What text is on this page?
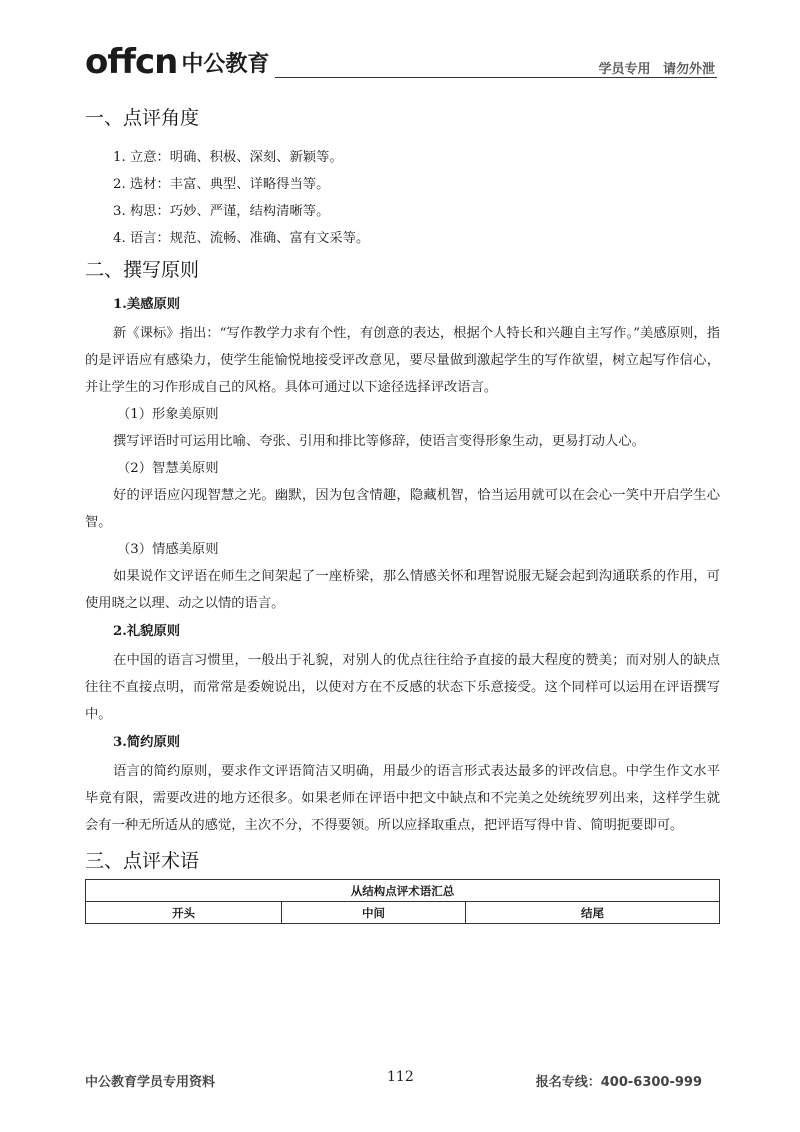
offcn 中公教育	学员专用 请勿外泄
一、点评角度
1. 立意：明确、积极、深刻、新颖等。
2. 选材：丰富、典型、详略得当等。
3. 构思：巧妙、严谨，结构清晰等。
4. 语言：规范、流畅、准确、富有文采等。
二、撰写原则

1.美感原则

新《课标》指出：“写作教学力求有个性，有创意的表达，根据个人特长和兴趣自主写作。”美感原则，指的是评语应有感染力，使学生能愉悦地接受评改意见，要尽量做到激起学生的写作欲望，树立起写作信心，并让学生的习作形成自己的风格。具体可通过以下途径选择评改语言。

（1）形象美原则

撰写评语时可运用比喻、夸张、引用和排比等修辞，使语言变得形象生动，更易打动人心。

（2）智慧美原则

好的评语应闪现智慧之光。幽默，因为包含情趣，隐藏机智，恰当运用就可以在会心一笑中开启学生心智。

（3）情感美原则

如果说作文评语在师生之间架起了一座桥梁，那么情感关怀和理智说服无疑会起到沟通联系的作用，可使用晓之以理、动之以情的语言。

2.礼貌原则

在中国的语言习惯里，一般出于礼貌，对别人的优点往往给予直接的最大程度的赞美；而对别人的缺点往往不直接点明，而常常是委婉说出，以使对方在不反感的状态下乐意接受。这个同样可以运用在评语撰写中。

3.简约原则

语言的简约原则，要求作文评语简洁又明确，用最少的语言形式表达最多的评改信息。中学生作文水平毕竟有限，需要改进的地方还很多。如果老师在评语中把文中缺点和不完美之处统统罗列出来，这样学生就会有一种无所适从的感觉，主次不分，不得要领。所以应择取重点，把评语写得中肯、简明扼要即可。

三、点评术语
从结构点评术语汇总
开头	中间	结尾
中公教育学员专用资料	112	报名专线：400-6300-999
